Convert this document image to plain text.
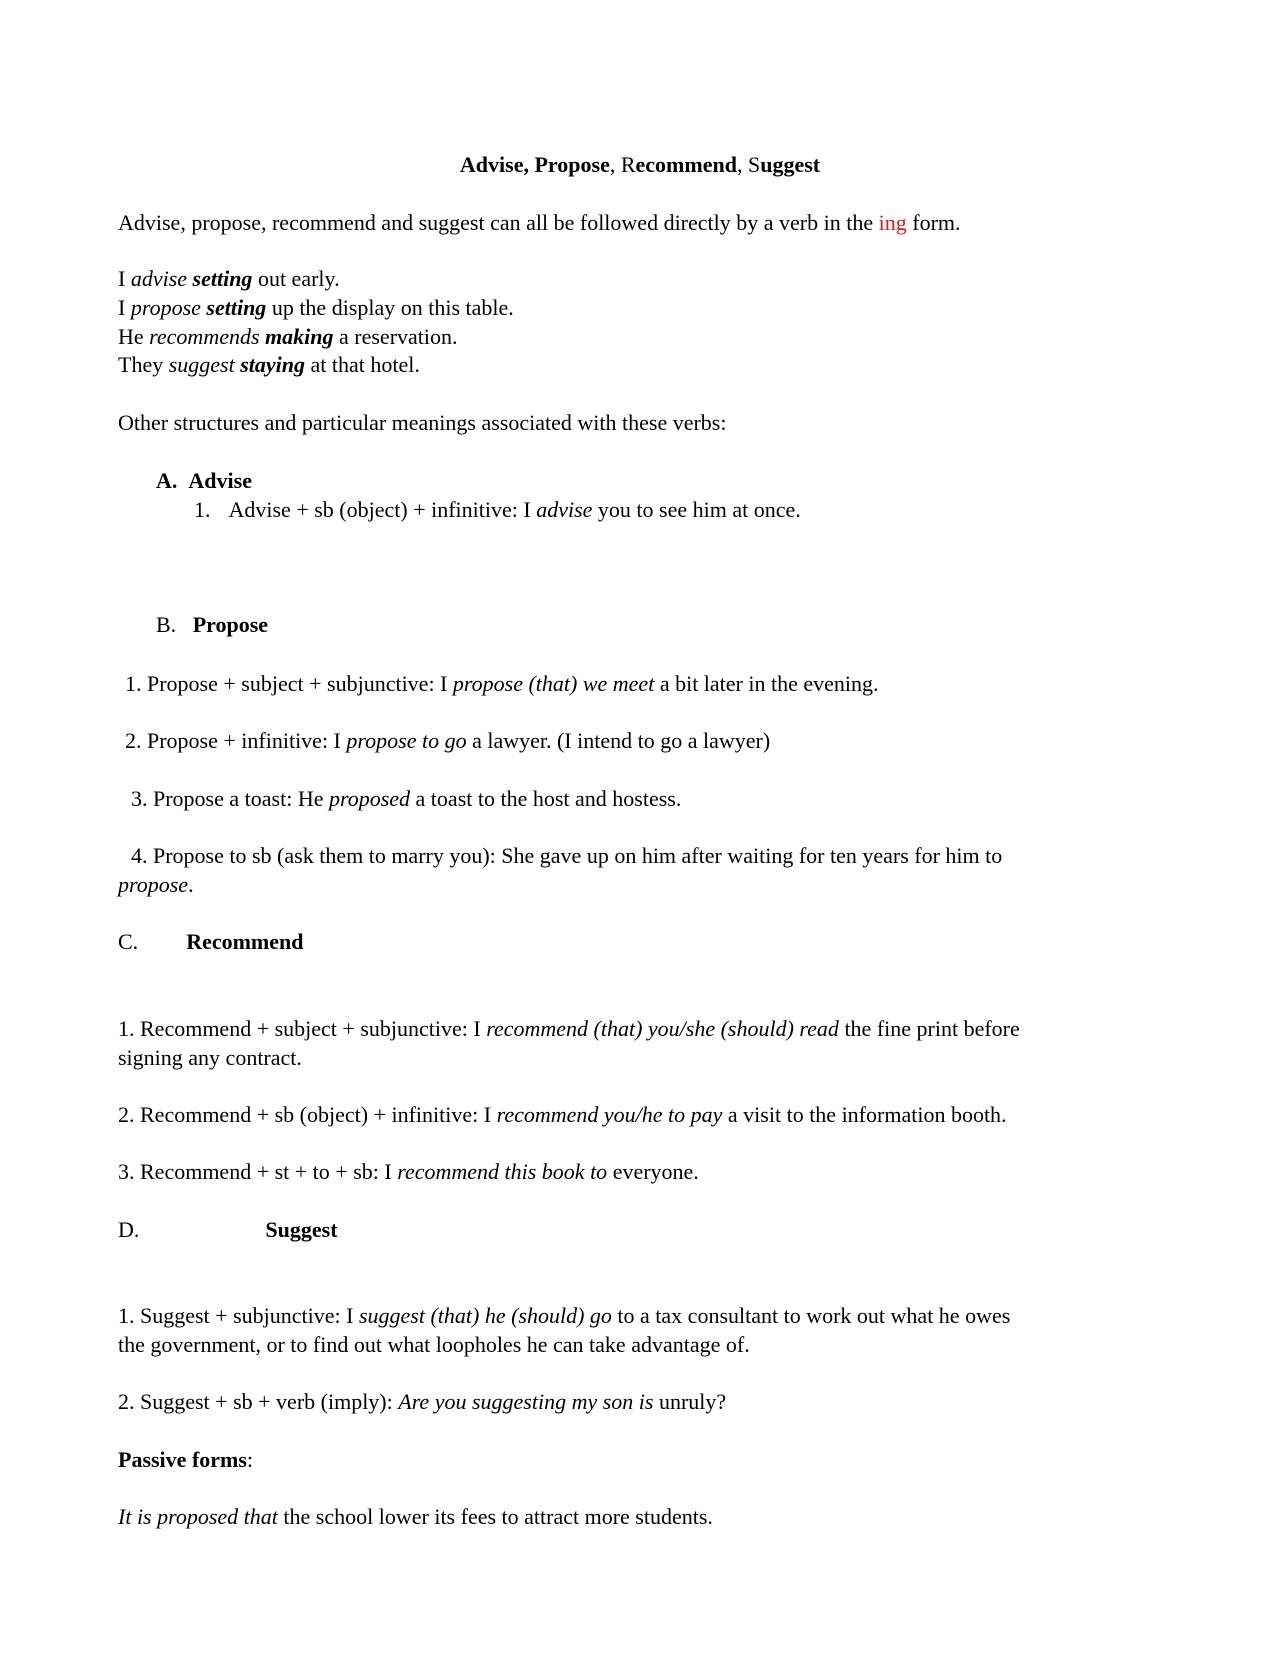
Advise, Propose, Recommend, Suggest

Advise, propose, recommend and suggest can all be followed directly by a verb in the ing form.

I advise setting out early.

I propose setting up the display on this table.

He recommends making a reservation.

They suggest staying at that hotel.

Other structures and particular meanings associated with these verbs:

A. Advise

1. Advise + sb (object) + infinitive: I advise you to see him at once.

B. Propose

1. Propose + subject + subjunctive: I propose (that) we meet a bit later in the evening.

2. Propose + infinitive: I propose to go a lawyer. (I intend to go a lawyer)

3. Propose a toast: He proposed a toast to the host and hostess.

4. Propose to sb (ask them to marry you): She gave up on him after waiting for ten years for him to

propose.

C. Recommend

1. Recommend + subject + subjunctive: I recommend (that) you/she (should) read the fine print before

signing any contract.

2. Recommend + sb (object) + infinitive: I recommend you/he to pay a visit to the information booth.

3. Recommend + st + to + sb: I recommend this book to everyone.

D.	Suggest

1. Suggest + subjunctive: I suggest (that) he (should) go to a tax consultant to work out what he owes

the government, or to find out what loopholes he can take advantage of.

2. Suggest + sb + verb (imply): Are you suggesting my son is unruly?

Passive forms:

It is proposed that the school lower its fees to attract more students.
